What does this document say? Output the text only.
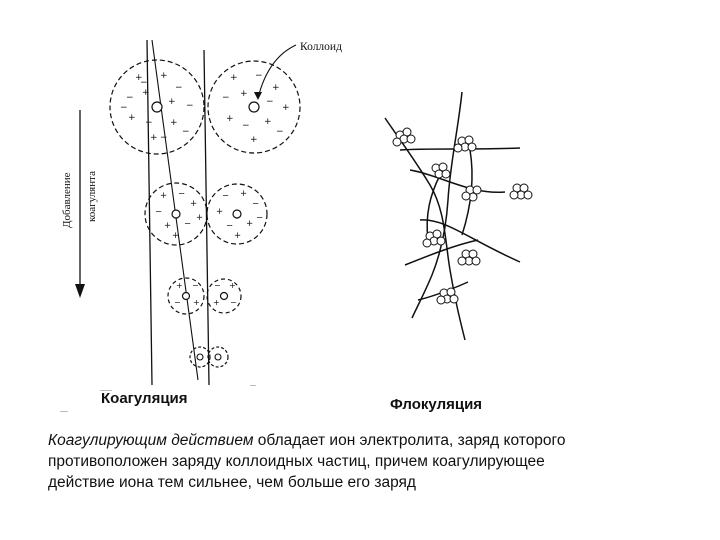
Коллоид
+ +
−
− +
+ −
+ − +
−
+
−
−
−	+ −
+
− +
−
+
+
− +
−
+
+ −
+
−
+ −
+
+
− +
−
+
− +
−
+
+ −
− +
− +
+ −
Добавление коагулянта
Коагуляция	Флокуляция
Коагулирующим действием обладает ион электролита, заряд которого
противоположен заряду коллоидных частиц, причем коагулирующее
действие иона тем сильнее, чем больше его заряд
